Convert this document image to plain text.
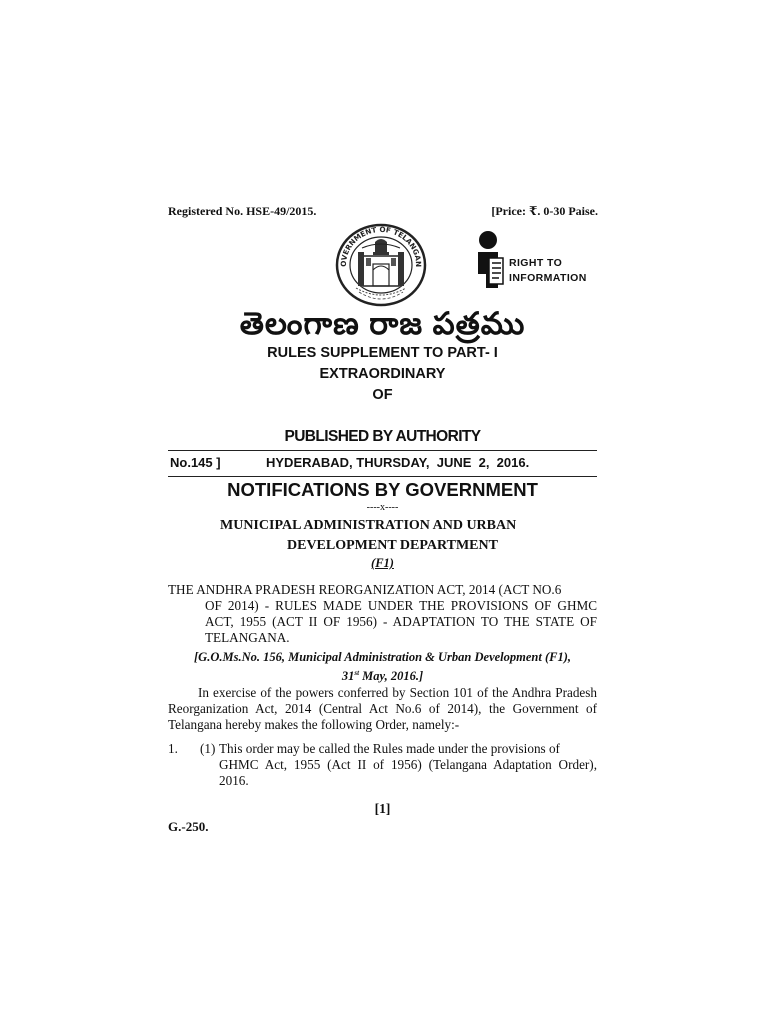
Registered No. HSE-49/2015.	[Price: ₹. 0-30 Paise.
OVERNMENT OF TELANGAN	RIGHT TO
INFORMATION
తెలంగాణ రాజ పత్రము
RULES SUPPLEMENT TO PART- I
EXTRAORDINARY
OF
PUBLISHED BY AUTHORITY
No.145 ]	HYDERABAD, THURSDAY,  JUNE  2,  2016.
NOTIFICATIONS BY GOVERNMENT
----x----
MUNICIPAL ADMINISTRATION AND URBAN
DEVELOPMENT DEPARTMENT
(F1)
THE ANDHRA PRADESH REORGANIZATION ACT, 2014 (ACT NO.6
OF 2014) - RULES MADE UNDER THE PROVISIONS OF GHMC ACT, 1955 (ACT II OF 1956) - ADAPTATION TO THE STATE OF TELANGANA.
[G.O.Ms.No. 156, Municipal Administration & Urban Development (F1),
31st May, 2016.]
In exercise of the powers conferred by Section 101 of the Andhra Pradesh Reorganization Act, 2014 (Central Act No.6 of 2014), the Government of Telangana hereby makes the following Order, namely:-
1. (1) This order may be called the Rules made under the provisions of
GHMC Act, 1955 (Act II of 1956) (Telangana Adaptation Order), 2016.
[1]
G.-250.
